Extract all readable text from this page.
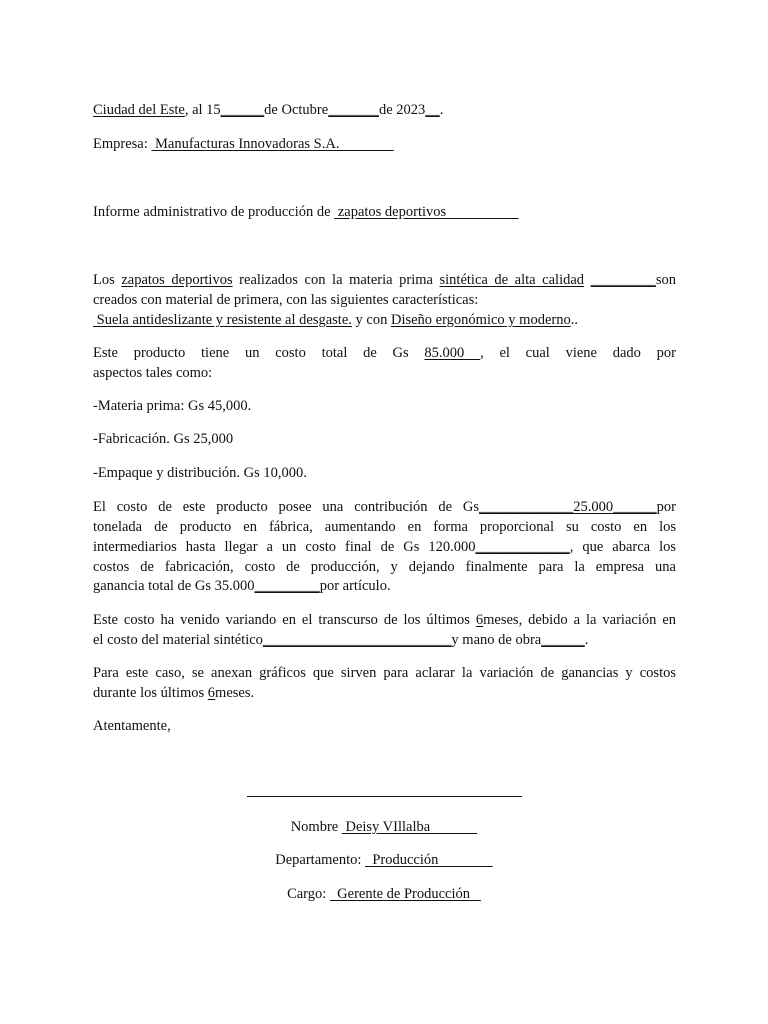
Ciudad del Este, al 15______de Octubre_______de 2023__.
Empresa:  Manufacturas Innovadoras S.A.
Informe administrativo de producción de  zapatos deportivos
Los zapatos deportivos realizados con la materia prima sintética de alta calidad _________son
creados con material de primera, con las siguientes características:
Suela antideslizante y resistente al desgaste. y con Diseño ergonómico y moderno..
Este producto tiene un costo total de Gs 85.000 , el cual viene dado por
aspectos tales como:
-Materia prima: Gs 45,000.
-Fabricación. Gs 25,000
-Empaque y distribución. Gs 10,000.
El costo de este producto posee una contribución de Gs_____________25.000______por
tonelada de producto en fábrica, aumentando en forma proporcional su costo en los
intermediarios hasta llegar a un costo final de Gs 120.000_____________, que abarca los
costos de fabricación, costo de producción, y dejando finalmente para la empresa una
ganancia total de Gs 35.000_________por artículo.
Este costo ha venido variando en el transcurso de los últimos 6meses, debido a la variación en
el costo del material sintético__________________________y mano de obra______.
Para este caso, se anexan gráficos que sirven para aclarar la variación de ganancias y costos
durante los últimos 6meses.
Atentamente,
Nombre  Deisy VIllalba
Departamento:   Producción
Cargo:   Gerente de Producción
